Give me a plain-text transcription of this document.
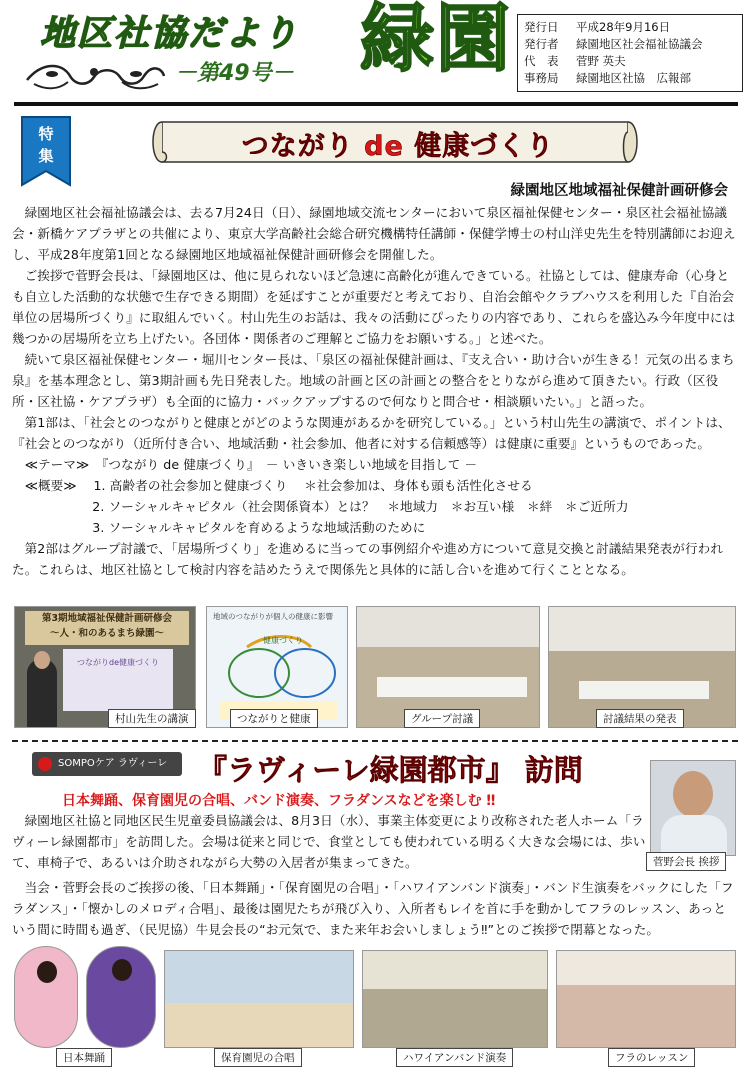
地区社協だより
－第49号－ 緑園 発行日 平成28年9月16日
発行者 緑園地区社会福祉協議会
代　表 菅野 英夫
事務局 緑園地区社協　広報部
特
集	つながり de 健康づくり
緑園地区地域福祉保健計画研修会

緑園地区社会福祉協議会は、去る7月24日（日）、緑園地域交流センターにおいて泉区福祉保健センター・泉区社会福祉協議会・新橋ケアプラザとの共催により、東京大学高齢社会総合研究機構特任講師・保健学博士の村山洋史先生を特別講師にお迎えし、平成28年度第1回となる緑園地区地域福祉保健計画研修会を開催した。

ご挨拶で菅野会長は、「緑園地区は、他に見られないほど急速に高齢化が進んできている。社協としては、健康寿命（心身とも自立した活動的な状態で生存できる期間）を延ばすことが重要だと考えており、自治会館やクラブハウスを利用した『自治会単位の居場所づくり』に取組んでいく。村山先生のお話は、我々の活動にぴったりの内容であり、これらを盛込み今年度中には幾つかの居場所を立ち上げたい。各団体・関係者のご理解とご協力をお願いする。」と述べた。

続いて泉区福祉保健センター・堀川センター長は、「泉区の福祉保健計画は、『支え合い・助け合いが生きる！元気の出るまち泉』を基本理念とし、第3期計画も先日発表した。地域の計画と区の計画との整合をとりながら進めて頂きたい。行政（区役所・区社協・ケアプラザ）も全面的に協力・バックアップするので何なりと問合せ・相談願いたい。」と語った。

第1部は、「社会とのつながりと健康とがどのような関連があるかを研究している。」という村山先生の講演で、ポイントは、『社会とのつながり（近所付き合い、地域活動・社会参加、他者に対する信頼感等）は健康に重要』というものであった。

　≪テーマ≫　『つながり de 健康づくり』　－ いきいき楽しい地域を目指して －
　≪概要≫　 1. 高齢者の社会参加と健康づくり　 ＊社会参加は、身体も頭も活性化させる
　　　　　　 2. ソーシャルキャピタル（社会関係資本）とは？　＊地域力　＊お互い様　＊絆　＊ご近所力
　　　　　　 3. ソーシャルキャピタルを育めるような地域活動のために

第2部はグループ討議で、「居場所づくり」を進めるに当っての事例紹介や進め方について意見交換と討議結果発表が行われた。これらは、地区社協として検討内容を詰めたうえで関係先と具体的に話し合いを進めて行くこととなる。

第3期地域福祉保健計画研修会
～人・和のあるまち緑園～
つながりde健康づくり
地域のつながりが個人の健康に影響
健康づくり
村山先生の講演	つながりと健康	グループ討議	討議結果の発表
SOMPOケア ラヴィーレ	『ラヴィーレ緑園都市』 訪問
日本舞踊、保育園児の合唱、バンド演奏、フラダンスなどを楽しむ ‼
菅野会長 挨拶

緑園地区社協と同地区民生児童委員協議会は、8月3日（水）、事業主体変更により改称された老人ホーム「ラヴィーレ緑園都市」を訪問した。会場は従来と同じで、食堂としても使われている明るく大きな会場には、歩いて、車椅子で、あるいは介助されながら大勢の入居者が集まってきた。

当会・菅野会長のご挨拶の後、「日本舞踊」・「保育園児の合唱」・「ハワイアンバンド演奏」・バンド生演奏をバックにした「フラダンス」・「懐かしのメロディ合唱」、最後は園児たちが飛び入り、入所者もレイを首に手を動かしてフラのレッスン、あっという間に時間も過ぎ、（民児協）牛見会長の“お元気で、また来年お会いしましょう‼”とのご挨拶で閉幕となった。

日本舞踊	保育園児の合唱	ハワイアンバンド演奏	フラのレッスン
